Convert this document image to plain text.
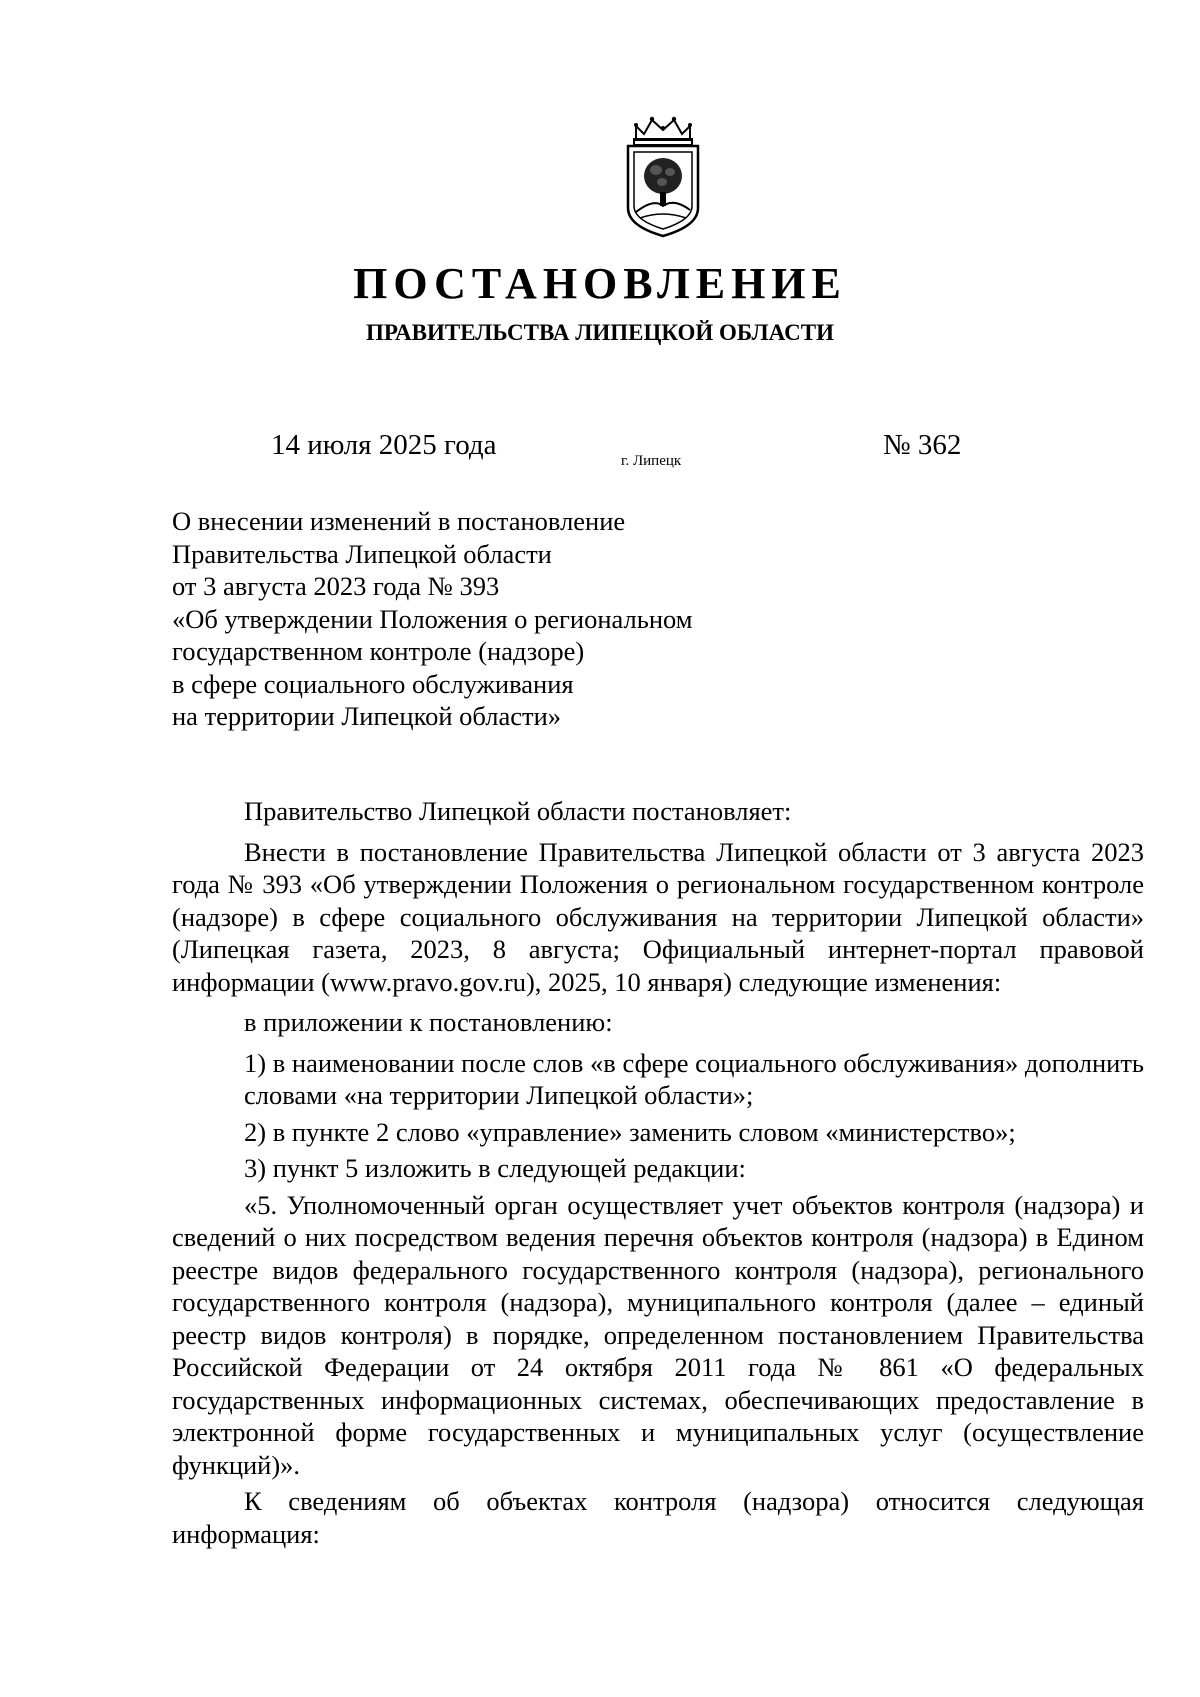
ПОСТАНОВЛЕНИЕ
ПРАВИТЕЛЬСТВА ЛИПЕЦКОЙ ОБЛАСТИ
14 июля 2025 года	г. Липецк	№ 362
О внесении изменений в постановление
Правительства Липецкой области
от 3 августа 2023 года № 393
«Об утверждении Положения о региональном
государственном контроле (надзоре)
в сфере социального обслуживания
на территории Липецкой области»

Правительство Липецкой области постановляет:

Внести в постановление Правительства Липецкой области от 3 августа 2023 года № 393 «Об утверждении Положения о региональном государственном контроле (надзоре) в сфере социального обслуживания на территории Липецкой области» (Липецкая газета, 2023, 8 августа; Официальный интернет-портал правовой информации (www.pravo.gov.ru), 2025, 10 января) следующие изменения:

в приложении к постановлению:

1) в наименовании после слов «в сфере социального обслуживания» дополнить словами «на территории Липецкой области»;

2) в пункте 2 слово «управление» заменить словом «министерство»;

3) пункт 5 изложить в следующей редакции:

«5. Уполномоченный орган осуществляет учет объектов контроля (надзора) и сведений о них посредством ведения перечня объектов контроля (надзора) в Едином реестре видов федерального государственного контроля (надзора), регионального государственного контроля (надзора), муниципального контроля (далее – единый реестр видов контроля) в порядке, определенном постановлением Правительства Российской Федерации от 24 октября 2011 года № 861 «О федеральных государственных информационных системах, обеспечивающих предоставление в электронной форме государственных и муниципальных услуг (осуществление функций)».

К сведениям об объектах контроля (надзора) относится следующая информация:
